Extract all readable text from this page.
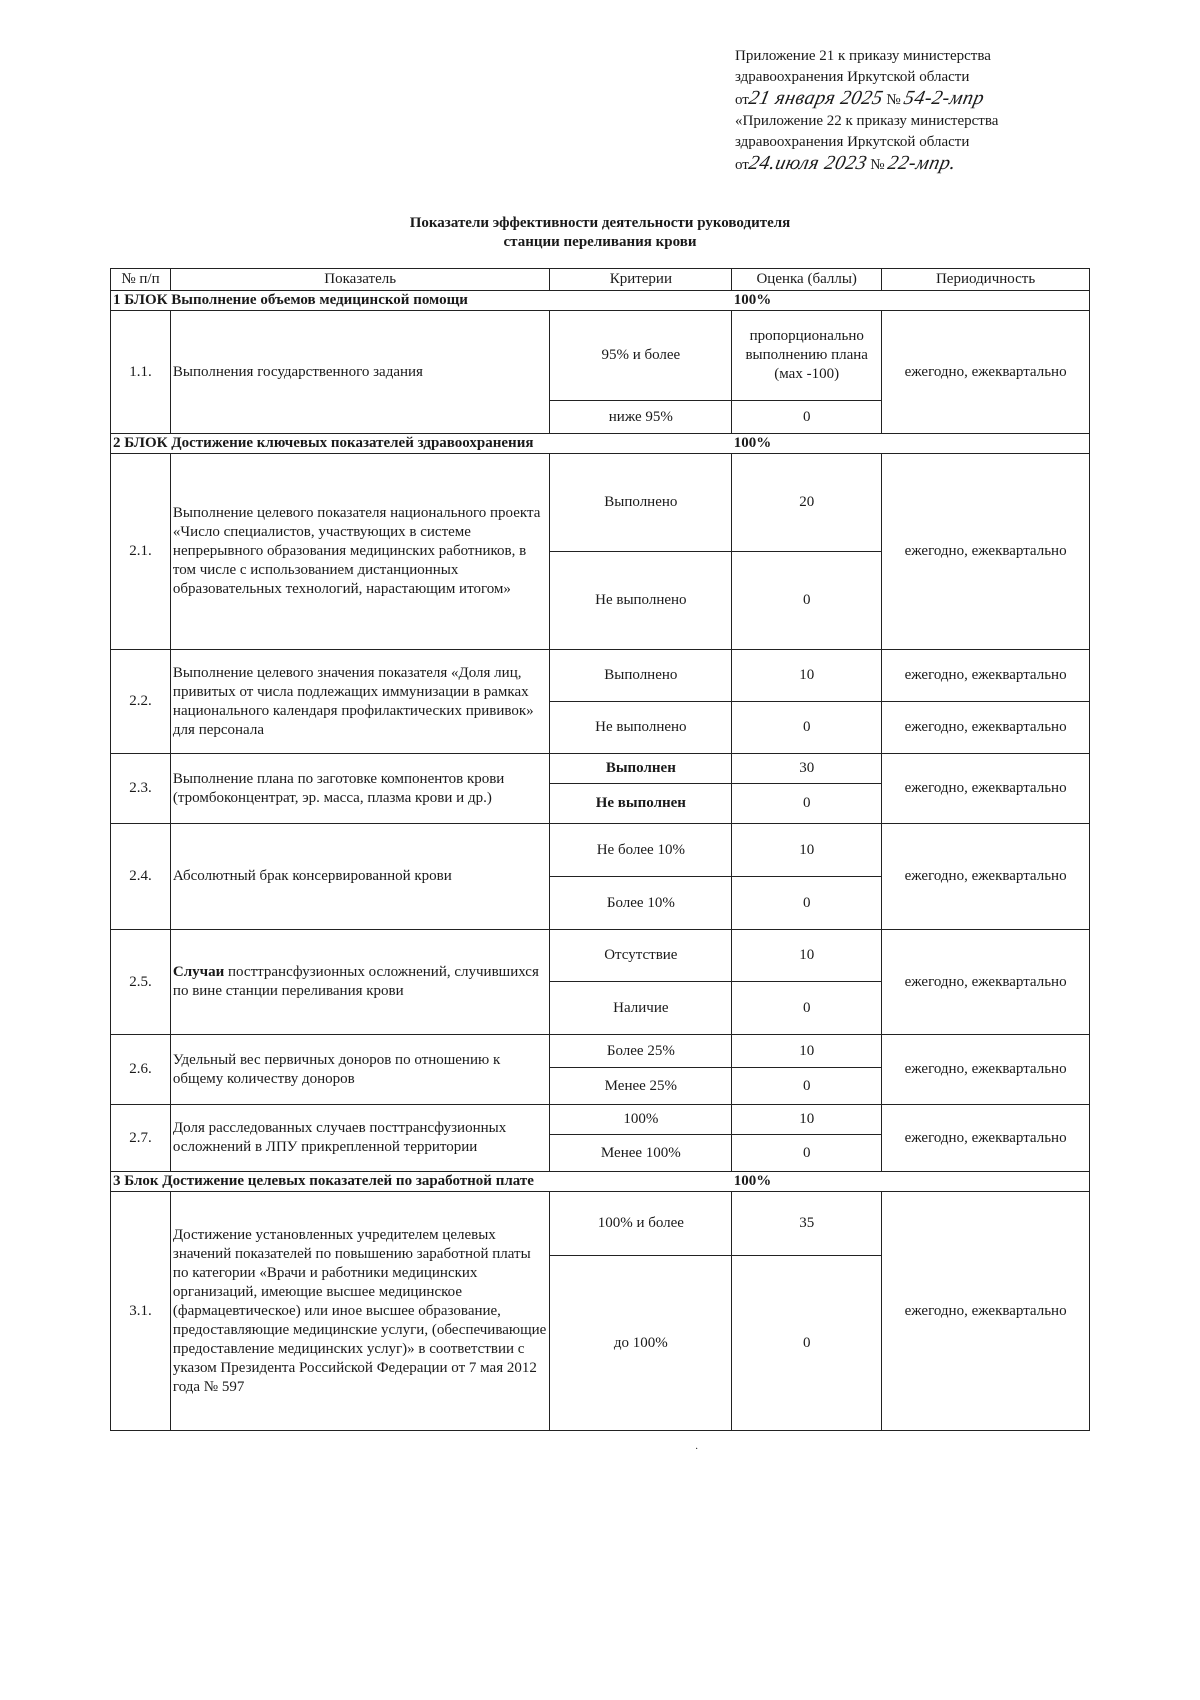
Приложение 21 к приказу министерства
здравоохранения Иркутской области
от21 января 2025 № 54-2-мпр
«Приложение 22 к приказу министерства
здравоохранения Иркутской области
от24.июля 2023 № 22-мпр.
Показатели эффективности деятельности руководителя
станции переливания крови
№ п/п	Показатель	Критерии	Оценка (баллы)	Периодичность
1 БЛОК Выполнение объемов медицинской помощи			100%	
1.1.	Выполнения государственного задания	95% и более	пропорционально выполнению плана (мах -100)	ежегодно, ежеквартально
		ниже 95%	0	
2 БЛОК Достижение ключевых показателей здравоохранения			100%	
2.1.	Выполнение целевого показателя национального проекта «Число специалистов, участвующих в системе непрерывного образования медицинских работников, в том числе с использованием дистанционных образовательных технологий, нарастающим итогом»	Выполнено	20	ежегодно, ежеквартально
		Не выполнено	0	
2.2.	Выполнение целевого значения показателя «Доля лиц, привитых от числа подлежащих иммунизации в рамках национального календаря профилактических прививок» для персонала	Выполнено	10	ежегодно, ежеквартально
		Не выполнено	0	ежегодно, ежеквартально
2.3.	Выполнение плана по заготовке компонентов крови (тромбоконцентрат, эр. масса, плазма крови и др.)	Выполнен	30	ежегодно, ежеквартально
		Не выполнен	0	
2.4.	Абсолютный брак консервированной крови	Не более 10%	10	ежегодно, ежеквартально
		Более 10%	0	
2.5.	Случаи посттрансфузионных осложнений, случившихся по вине станции переливания крови	Отсутствие	10	ежегодно, ежеквартально
		Наличие	0	
2.6.	Удельный вес первичных доноров по отношению к общему количеству доноров	Более 25%	10	ежегодно, ежеквартально
		Менее 25%	0	
2.7.	Доля расследованных случаев посттрансфузионных осложнений в ЛПУ прикрепленной территории	100%	10	ежегодно, ежеквартально
		Менее 100%	0	
3 Блок Достижение целевых показателей по заработной плате			100%	
3.1.	Достижение установленных учредителем целевых значений показателей по повышению заработной платы по категории «Врачи и работники медицинских организаций, имеющие высшее медицинское (фармацевтическое) или иное высшее образование, предоставляющие медицинские услуги, (обеспечивающие предоставление медицинских услуг)» в соответствии с указом Президента Российской Федерации от 7 мая 2012 года № 597	100% и более	35	ежегодно, ежеквартально
		до 100%	0	
·
